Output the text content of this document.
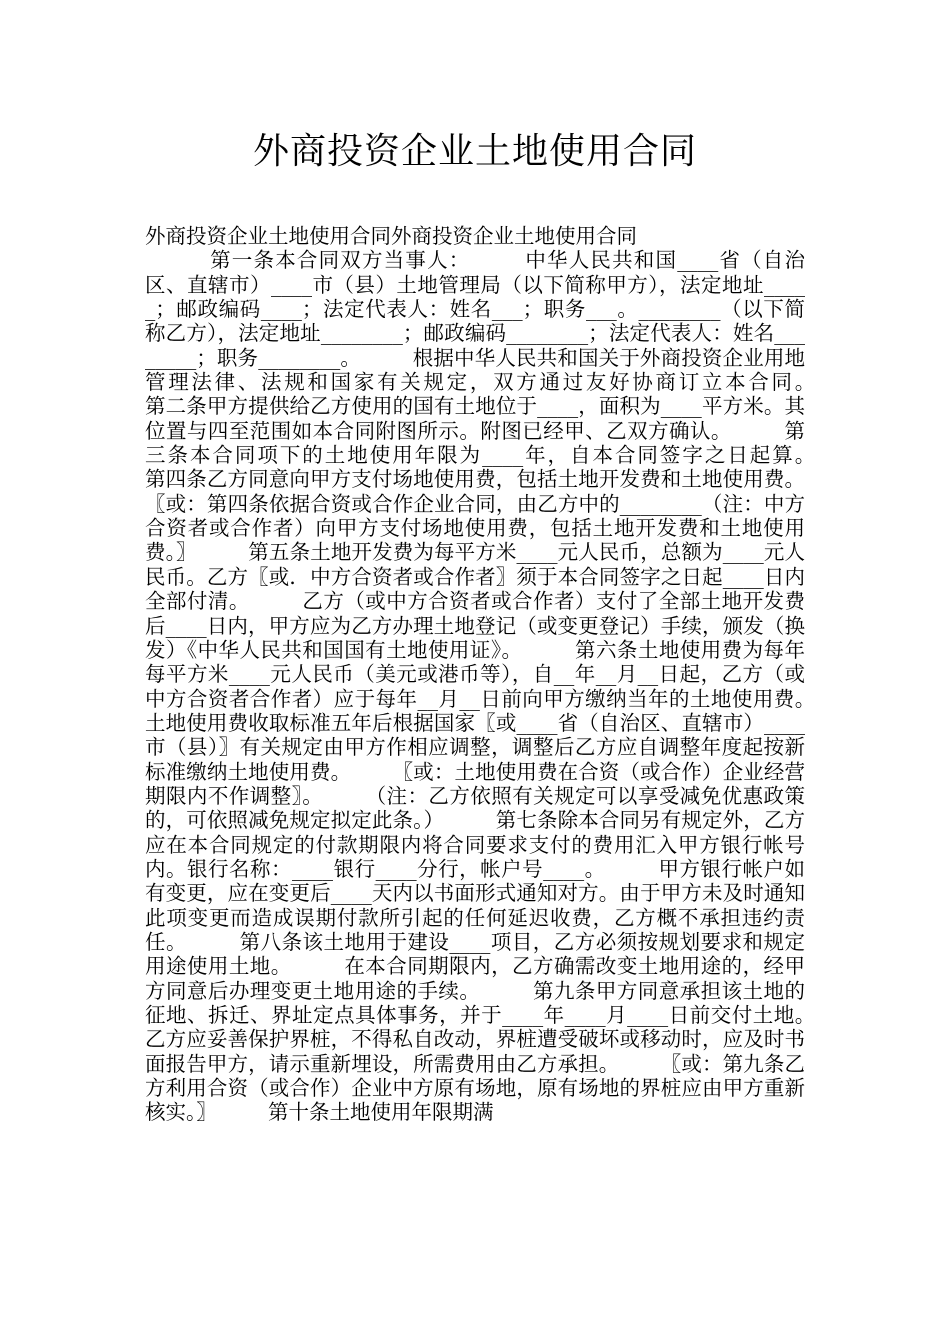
外商投资企业土地使用合同

外商投资企业土地使用合同外商投资企业土地使用合同
　　　第一条本合同双方当事人：　　　中华人民共和国____省（自治区、直辖市）____市（县）土地管理局（以下简称甲方），法定地址_____；邮政编码____；法定代表人：姓名___；职务___。________（以下简称乙方），法定地址________；邮政编码________；法定代表人：姓名________；职务________。　　　根据中华人民共和国关于外商投资企业用地管理法律、法规和国家有关规定，双方通过友好协商订立本合同。　　　第二条甲方提供给乙方使用的国有土地位于____，面积为____平方米。其位置与四至范围如本合同附图所示。附图已经甲、乙双方确认。　　　第三条本合同项下的土地使用年限为____年，自本合同签字之日起算。　　　第四条乙方同意向甲方支付场地使用费，包括土地开发费和土地使用费。〖或：第四条依据合资或合作企业合同，由乙方中的________（注：中方合资者或合作者）向甲方支付场地使用费，包括土地开发费和土地使用费。〗　　　第五条土地开发费为每平方米____元人民币，总额为____元人民币。乙方〖或．中方合资者或合作者〗须于本合同签字之日起____日内全部付清。　　　乙方（或中方合资者或合作者）支付了全部土地开发费后____日内，甲方应为乙方办理土地登记（或变更登记）手续，颁发（换发）《中华人民共和国国有土地使用证》。　　　第六条土地使用费为每年每平方米____元人民币（美元或港币等），自__年__月__日起，乙方（或中方合资者合作者）应于每年__月__日前向甲方缴纳当年的土地使用费。　　　土地使用费收取标准五年后根据国家〖或____省（自治区、直辖市）____市（县）〗有关规定由甲方作相应调整，调整后乙方应自调整年度起按新标准缴纳土地使用费。　　　〖或：土地使用费在合资（或合作）企业经营期限内不作调整〗。　　　（注：乙方依照有关规定可以享受减免优惠政策的，可依照减免规定拟定此条。）　　　第七条除本合同另有规定外，乙方应在本合同规定的付款期限内将合同要求支付的费用汇入甲方银行帐号内。银行名称：____银行____分行，帐户号____。　　　甲方银行帐户如有变更，应在变更后____天内以书面形式通知对方。由于甲方未及时通知此项变更而造成误期付款所引起的任何延迟收费，乙方概不承担违约责任。　　　第八条该土地用于建设____项目，乙方必须按规划要求和规定用途使用土地。　　　在本合同期限内，乙方确需改变土地用途的，经甲方同意后办理变更土地用途的手续。　　　第九条甲方同意承担该土地的征地、拆迁、界址定点具体事务，并于____年____月____日前交付土地。　　　乙方应妥善保护界桩，不得私自改动，界桩遭受破坏或移动时，应及时书面报告甲方，请示重新埋设，所需费用由乙方承担。　　　〖或：第九条乙方利用合资（或合作）企业中方原有场地，原有场地的界桩应由甲方重新核实。〗　　　第十条土地使用年限期满
